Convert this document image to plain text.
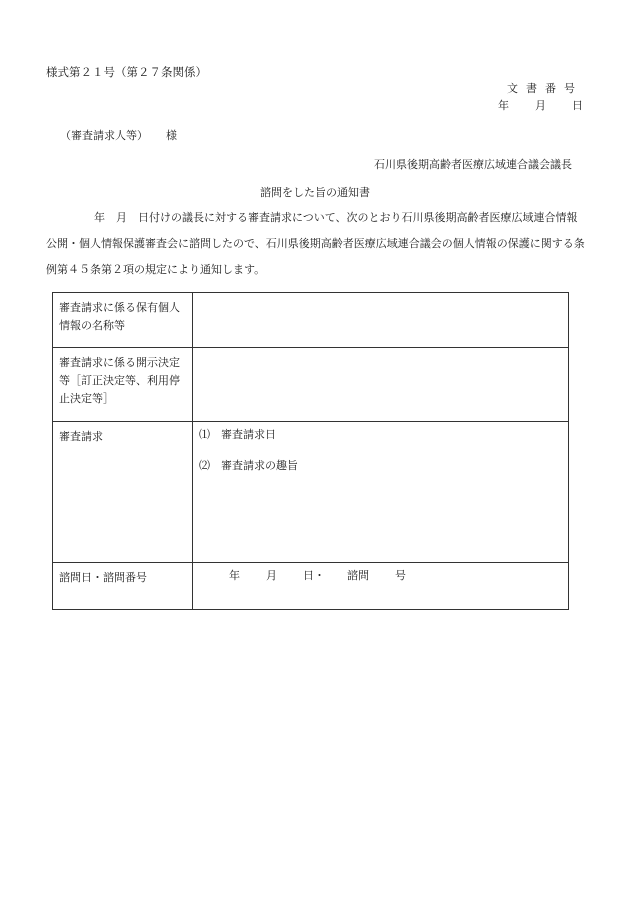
様式第２１号（第２７条関係）
文書番号
年 月 日
（審査請求人等） 様
石川県後期高齢者医療広域連合議会議長
諮問をした旨の通知書
年　月　日付けの議長に対する審査請求について、次のとおり石川県後期高齢者医療広域連合情報公開・個人情報保護審査会に諮問したので、石川県後期高齢者医療広域連合議会の個人情報の保護に関する条例第４５条第２項の規定により通知します。
審査請求に係る保有個人情報の名称等	
審査請求に係る開示決定等［訂正決定等、利用停止決定等］	
審査請求	⑴ 審査請求日
⑵ 審査請求の趣旨

諮問日・諮問番号	年 月 日・ 諮問 号
